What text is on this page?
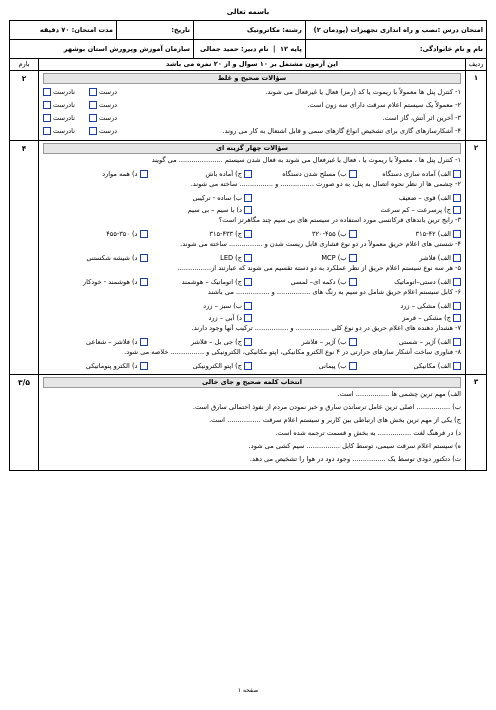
باسمه تعالی
امتحان درس :نصب و راه اندازی تجهیزات (پودمان ۲)	رشته: مکاترونیک	تاریخ:	مدت امتحان: ۷۰ دقیقه
نام و نام خانوادگی:	پایه ۱۲  |  نام دبیر: حمید جمالی	سازمان آموزش وپرورش استان بوشهر	
ردیف
این آزمون مشتمل بر ۱۰ سوال و از ۲۰ نمره می باشد
بارم
۱
سؤالات صحیح و غلط
۱- کنترل پنل ها معمولاً با ریموت یا کد (رمز) فعال یا غیرفعال می شوند.
درست
نادرست
۲- معمولاً یک سیستم اعلام سرقت دارای سه زون است.
درست
نادرست
۳- آخرین اثر آتش، گاز است.
درست
نادرست
۴- آشکارسازهای گازی برای تشخیص انواع گازهای سمی و قابل اشتعال به کار می روند.
درست
نادرست
۲
۲
سؤالات چهار گزینه ای
۱- کنترل پنل ها ، معمولاً با ریموت یا ، فعال یا غیرفعال می شوند به فعال شدن سیستم ..................... می گویند
الف) آماده سازی دستگاه
ب) مسلح شدن دستگاه
ج) آماده باش
د) همه موارد
۲- چشمی ها از نظر نحوه اتصال به پنل، به دو صورت ................ و ................ ساخته می شوند.
الف) قوی – ضعیف
ب) ساده - ترکیبی
ج) پرسرعت – کم سرعت
د) با سیم – بی سیم
۳- رایج ترین باندهای فرکانسی مورد استفاده در سیستم های بی سیم چند مگاهرتز است؟
الف) ۴۲-۳۱۵
ب) ۴۵۵-۳۲۰
ج) ۴۳۳-۳۱۵
د) ۳۵۰-۴۵۵
۴- شستی های اعلام حریق معمولاً در دو نوع فشاری قابل ریست شدن و ................ ساخته می شوند.
الف) فلاشر
ب) MCP
ج) LED
د) شیشه شکستنی
۵- هر سه نوع سیستم اعلام حریق از نظر عملکرد به دو دسته تقسیم می شوند که عبارتند از................
الف) دستی–اتوماتیک
ب) دکمه ای– لمسی
ج) اتوماتیک – هوشمند
د) هوشمند - خودکار
۶- کابل سیستم اعلام حریق شامل دو سیم به رنگ های ................ و ................ می باشند
الف) مشکی – زرد
ب) سبز – زرد
ج) مشکی – قرمز
د) آبی – زرد
۷- هشدار دهنده های اعلام حریق در دو نوع کلی ................ و ................ ترکیب آنها وجود دارند.
الف) آژیر – شستی
ب) آژیر – فلاشر
ج) جی بل – فلاشر
د) فلاشر – شعاعی
۸- فناوری ساخت آشکار سازهای حرارتی در ۴ نوع الکترو مکانیکی، اپتو مکانیکی، الکترونیکی و ................ خلاصه می شود.
الف) مکانیکی
ب) پیمانی
ج) اپتو الکترونیکی
د) الکترو پنوماتیکی
۴
۳
انتخاب کلمه صحیح و جای خالی
الف) مهم ترین چشمی ها ................ است.
ب) ................ اصلی ترین عامل ترساندن سارق و خبر نمودن مردم از نفوذ احتمالی سارق است.
ج) یکی از مهم ترین بخش های ارتباطی بین کاربر و سیستم اعلام سرقت ................ است.
د) در فرهنگ لغت ................ به بخش و قسمت ترجمه شده است.
ه) سیستم اعلام سرقت سیمی، توسط کابل ................ سیم کشی می شود.
ت) دتکتور دودی توسط یک ................ وجود دود در هوا را تشخیص می دهد.
۳/۵
صفحه ۱
